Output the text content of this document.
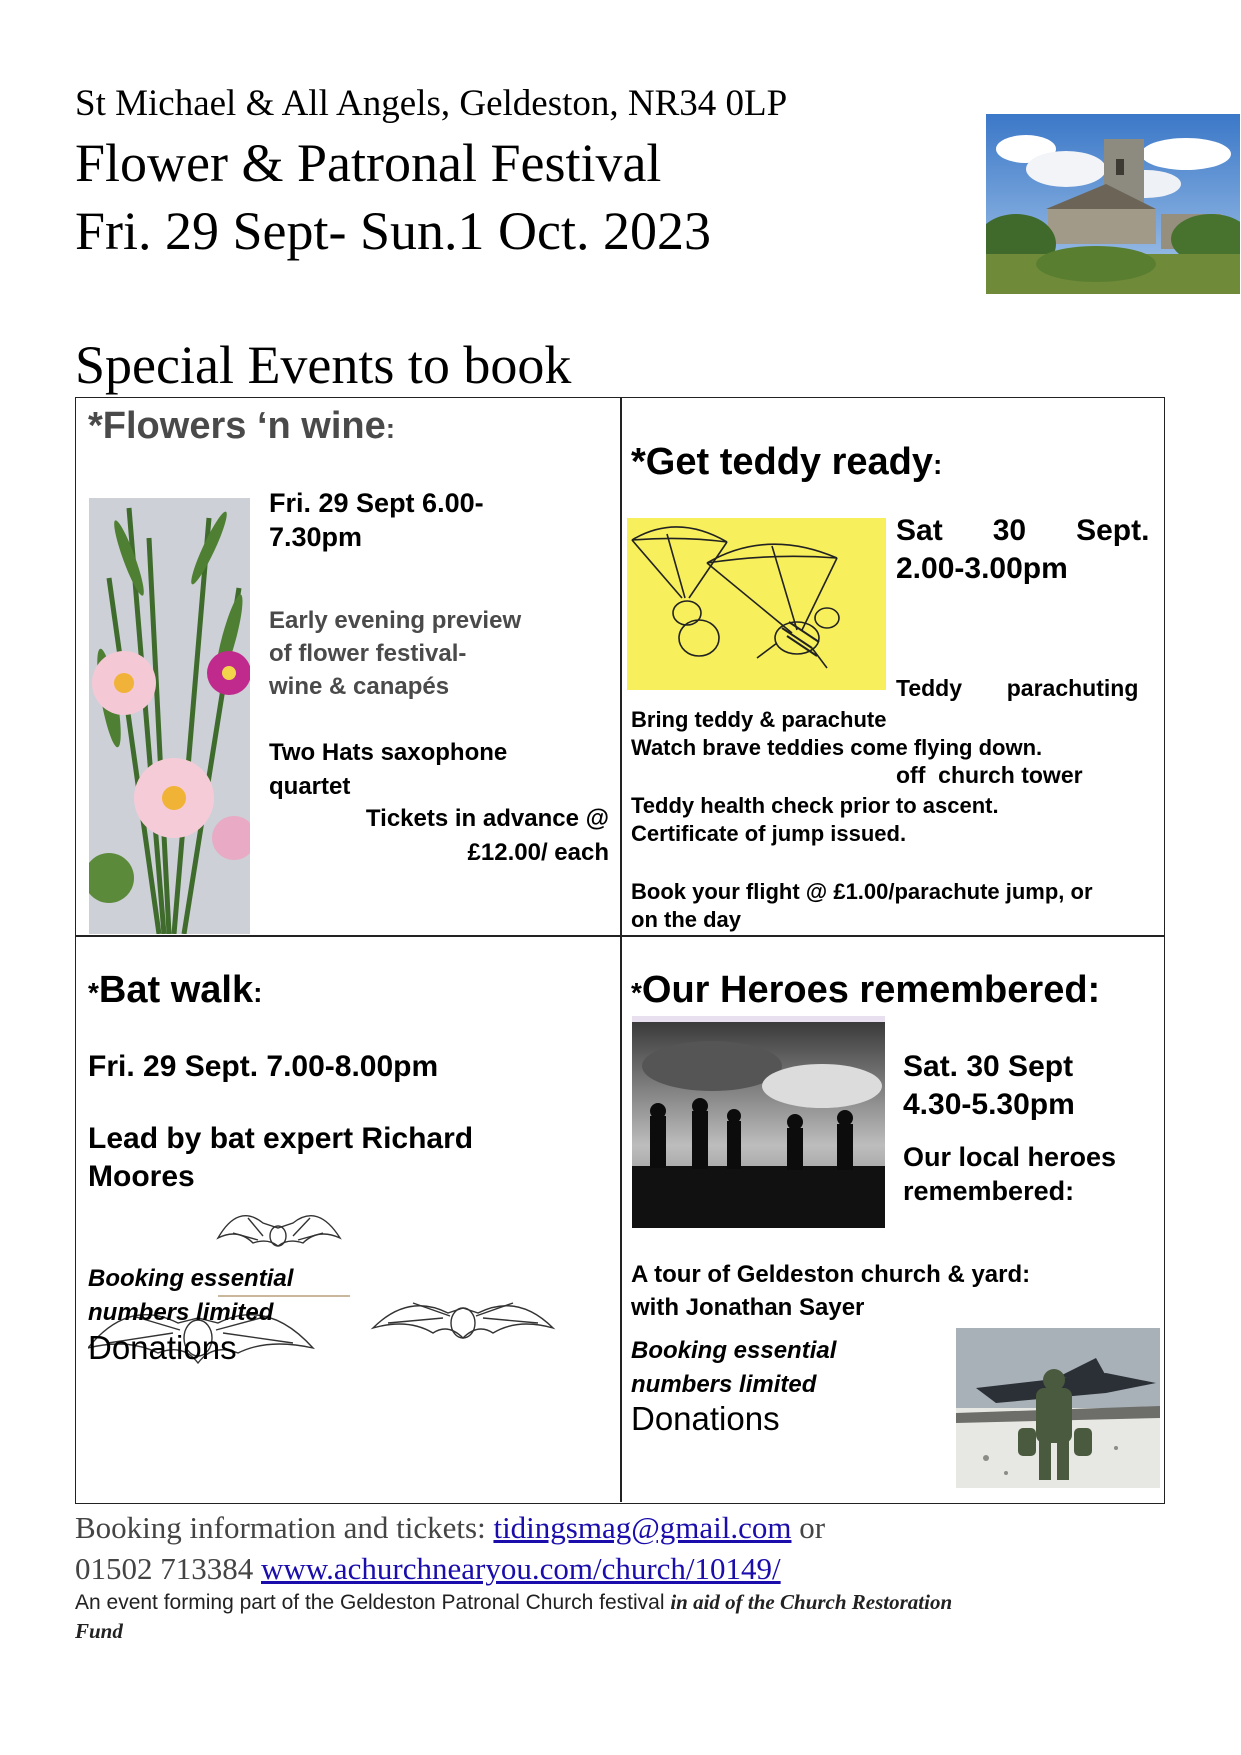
St Michael & All Angels, Geldeston, NR34 0LP
Flower & Patronal Festival
Fri. 29 Sept- Sun.1 Oct. 2023
Special Events to book
*Flowers ‘n wine:
Fri. 29 Sept 6.00-
7.30pm
Early evening preview
of flower festival-
wine & canapés
Two Hats saxophone
quartet
Tickets in advance @
£12.00/ each
*Get teddy ready:
Sat      30      Sept.
2.00-3.00pm

Teddy       parachuting

off  church tower

Bring teddy & parachute
Watch brave teddies come flying down.
Teddy health check prior to ascent.
Certificate of jump issued.
Book your flight @ £1.00/parachute jump, or
on the day
*Bat walk:
Fri. 29 Sept. 7.00-8.00pm
Lead by bat expert Richard
Moores
Booking essential
numbers limited
Donations
*Our Heroes remembered:
Sat. 30 Sept
4.30-5.30pm
Our local heroes
remembered:
A tour of Geldeston church & yard:
with Jonathan Sayer
Booking essential
numbers limited
Donations
Booking information and tickets: tidingsmag@gmail.com or
01502 713384 www.achurchnearyou.com/church/10149/
An event forming part of the Geldeston Patronal Church festival in aid of the Church Restoration
Fund
